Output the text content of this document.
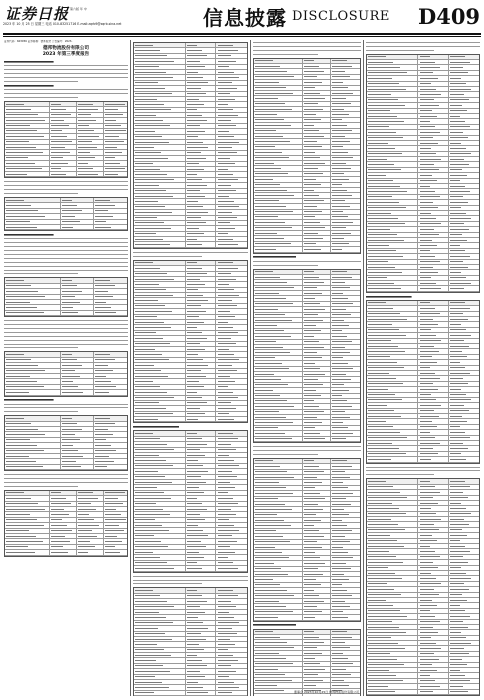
证券日报 第六版 年 中
2023 年 10 月 25 日 星期三 电话 010-83251716 E-mail:zqrb9@zqrb.sina.net	信息披露 DISCLOSURE D409
证券代码：603056 证券简称：德邦股份 公告编号：2023-
德邦物流股份有限公司
2023 年第三季度报告
董事会 2023年10月25日 德邦物流股份有限公司
